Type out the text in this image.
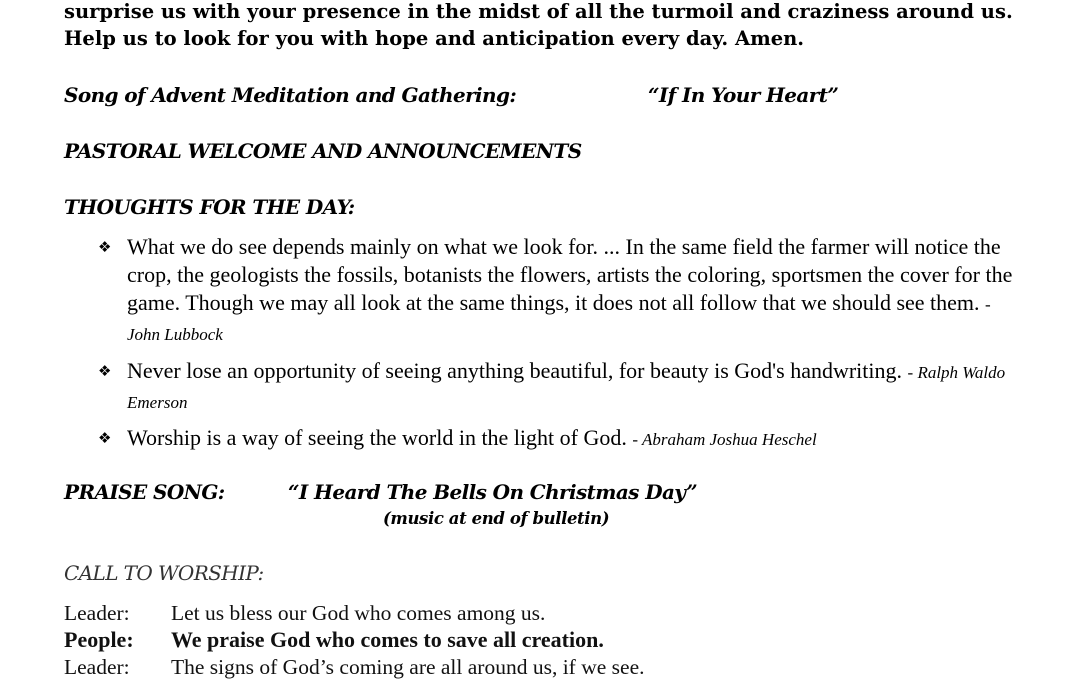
surprise us with your presence in the midst of all the turmoil and craziness around us.
Help us to look for you with hope and anticipation every day. Amen.
Song of Advent Meditation and Gathering:	“If In Your Heart”
PASTORAL WELCOME AND ANNOUNCEMENTS
THOUGHTS FOR THE DAY:
❖ What we do see depends mainly on what we look for. ... In the same field the farmer will notice the crop, the geologists the fossils, botanists the flowers, artists the coloring, sportsmen the cover for the game. Though we may all look at the same things, it does not all follow that we should see them. - John Lubbock
❖ Never lose an opportunity of seeing anything beautiful, for beauty is God's handwriting. - Ralph Waldo Emerson
❖ Worship is a way of seeing the world in the light of God. - Abraham Joshua Heschel
PRAISE SONG:	“I Heard The Bells On Christmas Day”
(music at end of bulletin)
CALL TO WORSHIP:
Leader: Let us bless our God who comes among us.
People: We praise God who comes to save all creation.
Leader: The signs of God’s coming are all around us, if we see.
